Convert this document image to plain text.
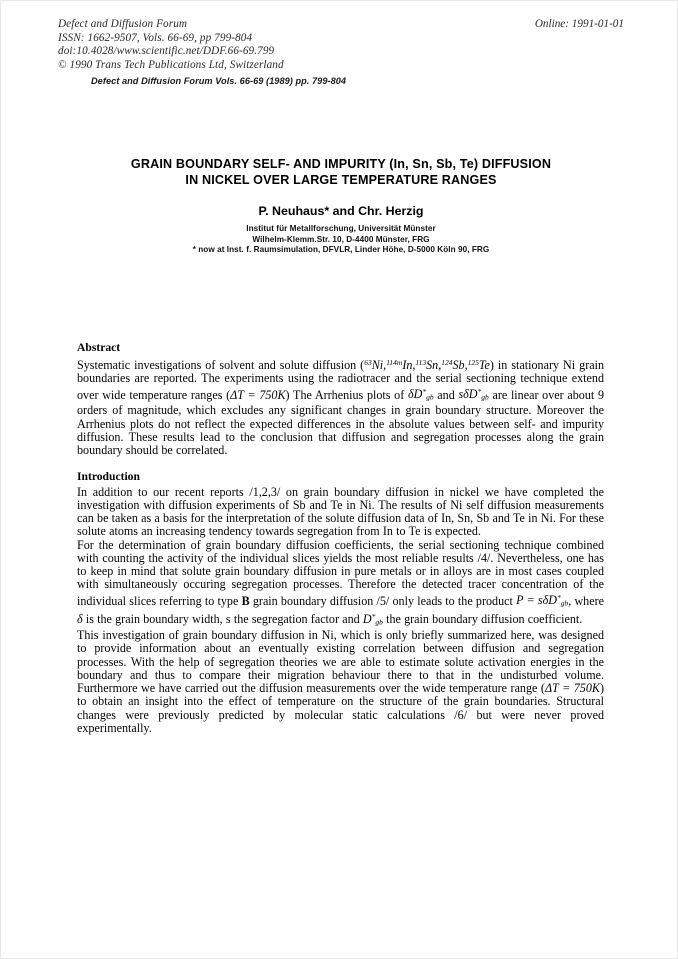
Defect and Diffusion Forum	Online: 1991-01-01
ISSN: 1662-9507, Vols. 66-69, pp 799-804
doi:10.4028/www.scientific.net/DDF.66-69.799
© 1990 Trans Tech Publications Ltd, Switzerland
Defect and Diffusion Forum Vols. 66-69 (1989) pp. 799-804
GRAIN BOUNDARY SELF- AND IMPURITY (In, Sn, Sb, Te) DIFFUSION
IN NICKEL OVER LARGE TEMPERATURE RANGES
P. Neuhaus* and Chr. Herzig
Institut für Metallforschung, Universität Münster
Wilhelm-Klemm.Str. 10, D-4400 Münster, FRG
* now at Inst. f. Raumsimulation, DFVLR, Linder Höhe, D-5000 Köln 90, FRG
Abstract
Systematic investigations of solvent and solute diffusion ($^{63}$Ni,$^{114m}$In,$^{113}$Sn,$^{124}$Sb,$^{125}$Te) in stationary Ni grain boundaries are reported. The experiments using the radiotracer and the serial sectioning technique extend over wide temperature ranges (ΔT = 750K) The Arrhenius plots of $\delta D^*_{gb}$ and sδD*$_{gb}$ are linear over about 9 orders of magnitude, which excludes any significant changes in grain boundary structure. Moreover the Arrhenius plots do not reflect the expected differences in the absolute values between self- and impurity diffusion. These results lead to the conclusion that diffusion and segregation processes along the grain boundary should be correlated.
Introduction
In addition to our recent reports /1,2,3/ on grain boundary diffusion in nickel we have completed the investigation with diffusion experiments of Sb and Te in Ni. The results of Ni self diffusion measurements can be taken as a basis for the interpretation of the solute diffusion data of In, Sn, Sb and Te in Ni. For these solute atoms an increasing tendency towards segregation from In to Te is expected.
For the determination of grain boundary diffusion coefficients, the serial sectioning technique combined with counting the activity of the individual slices yields the most reliable results /4/. Nevertheless, one has to keep in mind that solute grain boundary diffusion in pure metals or in alloys are in most cases coupled with simultaneously occuring segregation processes. Therefore the detected tracer concentration of the individual slices referring to type B grain boundary diffusion /5/ only leads to the product P = sδD*$_{gb}$, where δ is the grain boundary width, s the segregation factor and $D^*_{gb}$ the grain boundary diffusion coefficient.
This investigation of grain boundary diffusion in Ni, which is only briefly summarized here, was designed to provide information about an eventually existing correlation between diffusion and segregation processes. With the help of segregation theories we are able to estimate solute activation energies in the boundary and thus to compare their migration behaviour there to that in the undisturbed volume. Furthermore we have carried out the diffusion measurements over the wide temperature range (ΔT = 750K) to obtain an insight into the effect of temperature on the structure of the grain boundaries. Structural changes were previously predicted by molecular static calculations /6/ but were never proved experimentally.
